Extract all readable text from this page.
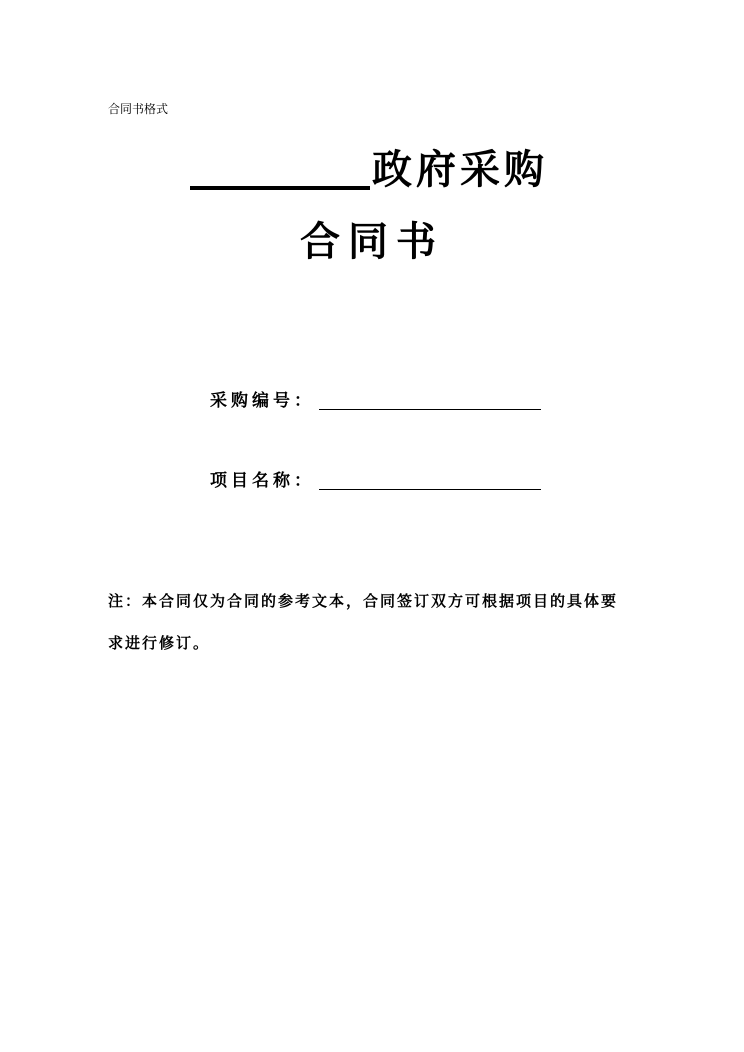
合同书格式
政府采购
合同书
采购编号：
项目名称：
注：本合同仅为合同的参考文本，合同签订双方可根据项目的具体要
求进行修订。
